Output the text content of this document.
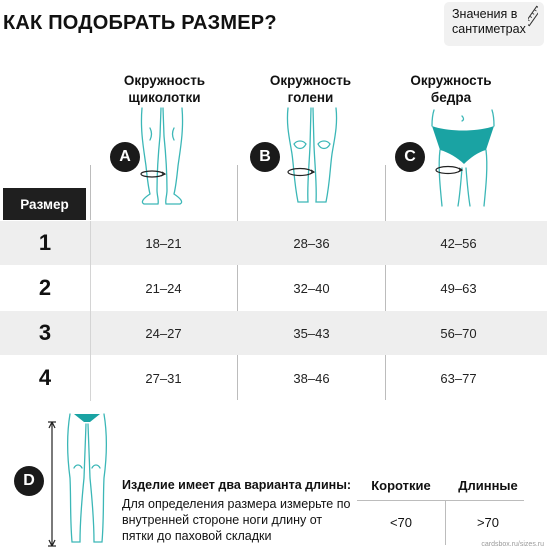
КАК ПОДОБРАТЬ РАЗМЕР?	Значения в
сантиметрах
Окружность
щиколотки
Окружность
голени
Окружность
бедра
A	B	C
Размер
1	18–21	28–36	42–56
2	21–24	32–40	49–63
3	24–27	35–43	56–70
4	27–31	38–46	63–77
D	Изделие имеет два варианта длины:
Для определения размера измерьте по внутренней стороне ноги длину от пятки до паховой складки
Короткие	Длинные
<70	>70
cardsbox.ru/sizes.ru
